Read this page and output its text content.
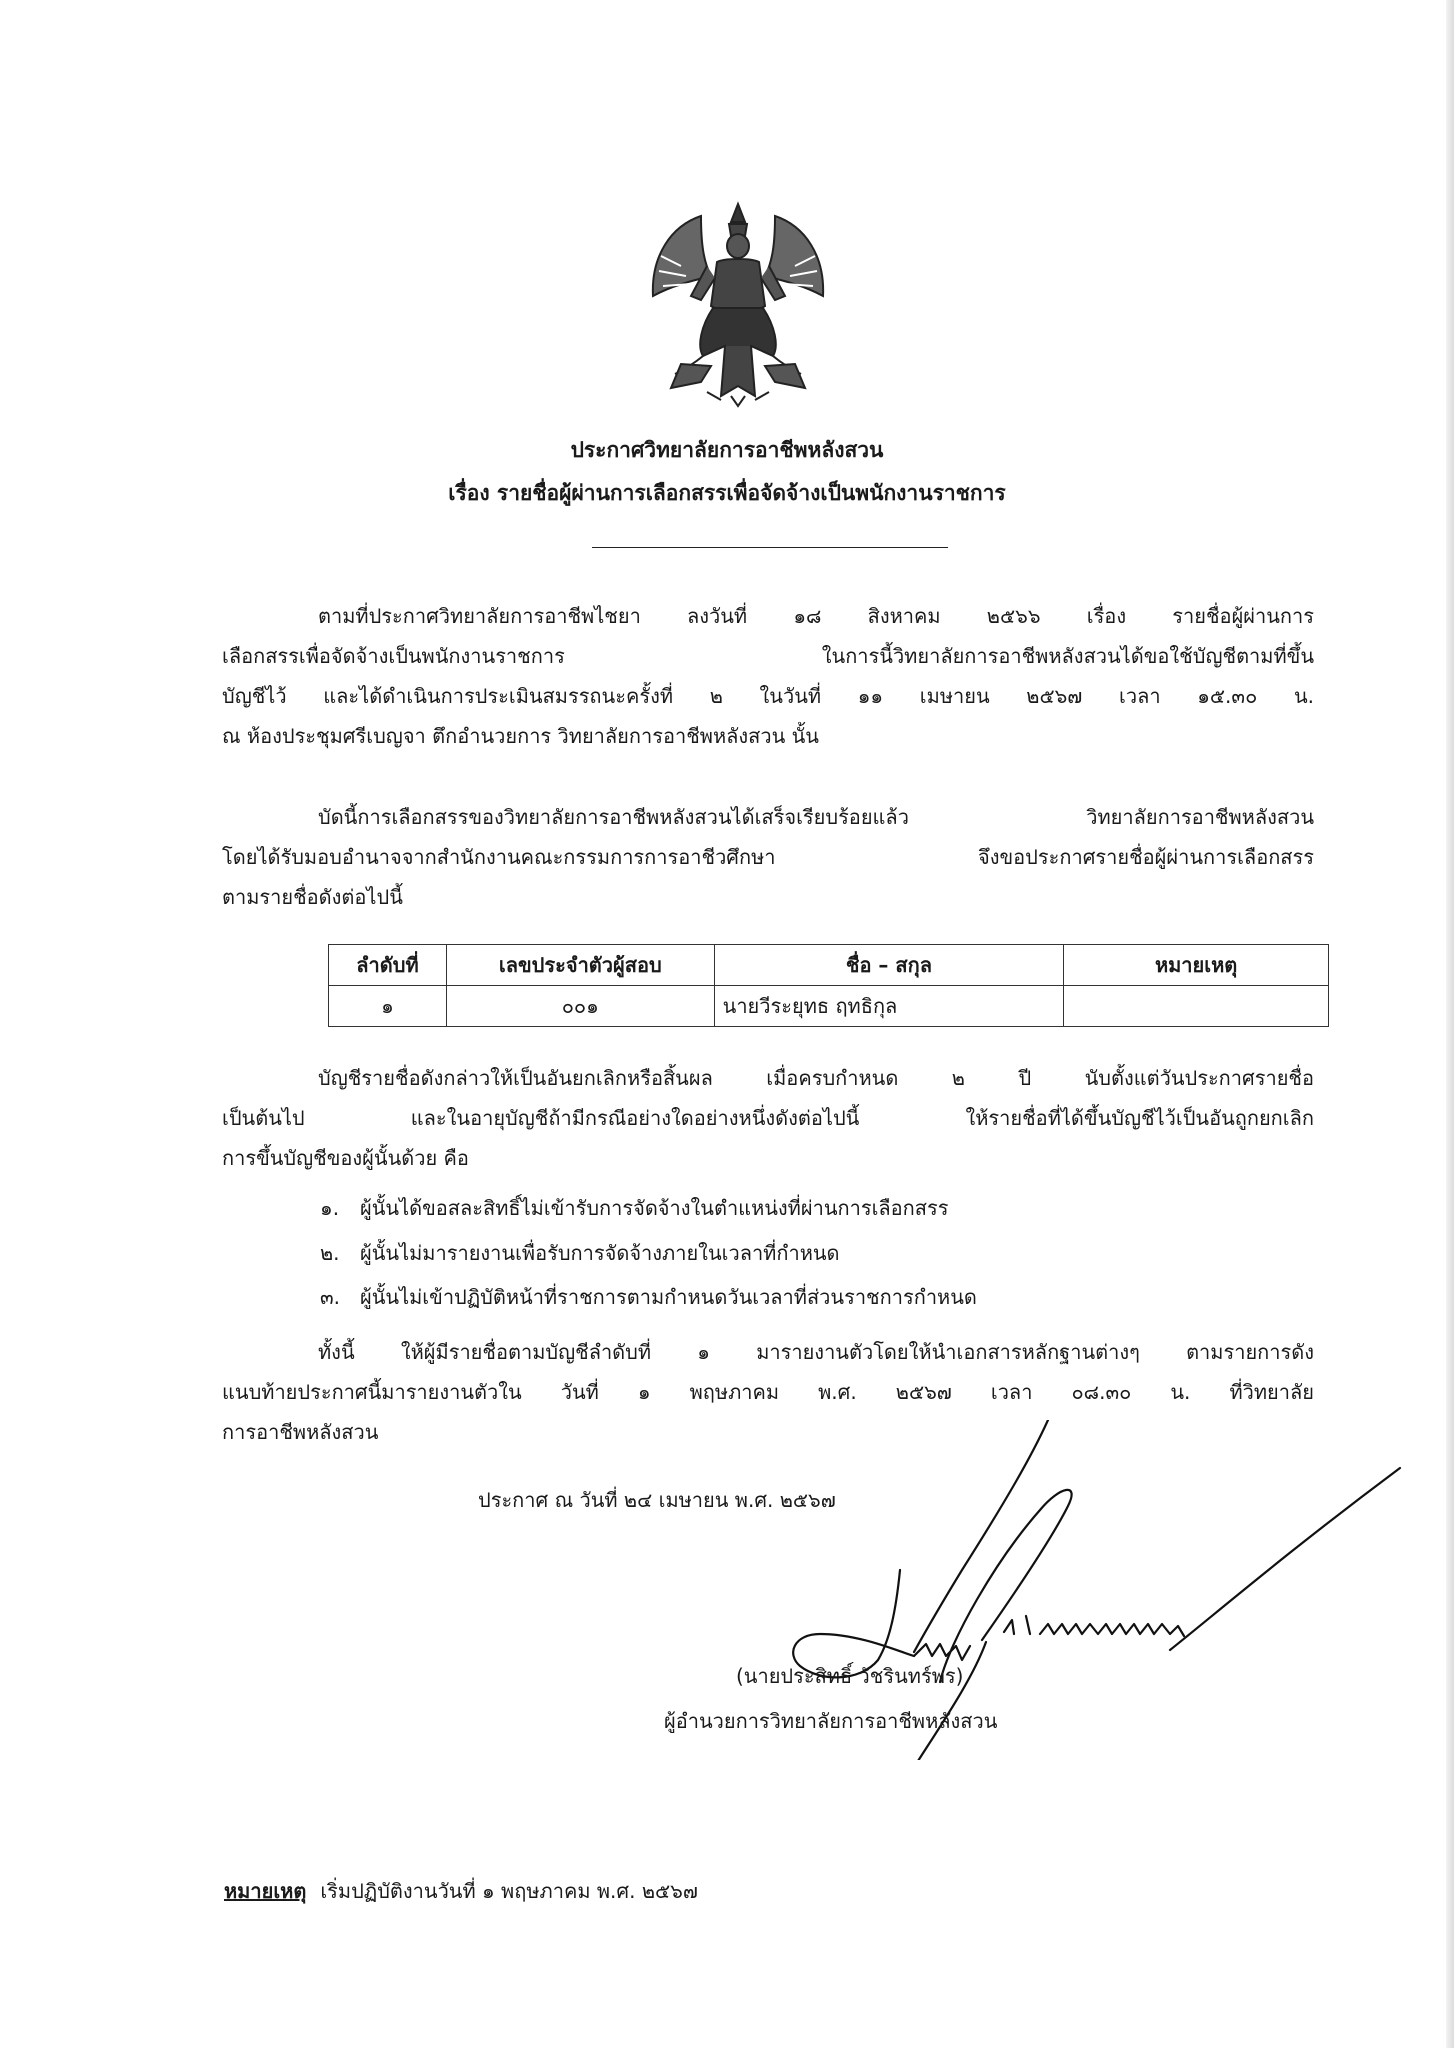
ประกาศวิทยาลัยการอาชีพหลังสวน
เรื่อง รายชื่อผู้ผ่านการเลือกสรรเพื่อจัดจ้างเป็นพนักงานราชการ
ตามที่ประกาศวิทยาลัยการอาชีพไชยา ลงวันที่ ๑๘ สิงหาคม ๒๕๖๖ เรื่อง รายชื่อผู้ผ่านการ
เลือกสรรเพื่อจัดจ้างเป็นพนักงานราชการ ในการนี้วิทยาลัยการอาชีพหลังสวนได้ขอใช้บัญชีตามที่ขึ้น
บัญชีไว้ และได้ดำเนินการประเมินสมรรถนะครั้งที่ ๒ ในวันที่ ๑๑ เมษายน ๒๕๖๗ เวลา ๑๕.๓๐ น.
ณ ห้องประชุมศรีเบญจา ตึกอำนวยการ วิทยาลัยการอาชีพหลังสวน นั้น
บัดนี้การเลือกสรรของวิทยาลัยการอาชีพหลังสวนได้เสร็จเรียบร้อยแล้ว วิทยาลัยการอาชีพหลังสวน
โดยได้รับมอบอำนาจจากสำนักงานคณะกรรมการการอาชีวศึกษา จึงขอประกาศรายชื่อผู้ผ่านการเลือกสรร
ตามรายชื่อดังต่อไปนี้
ลำดับที่	เลขประจำตัวผู้สอบ	ชื่อ – สกุล	หมายเหตุ
๑	๐๐๑	นายวีระยุทธ ฤทธิกุล	
บัญชีรายชื่อดังกล่าวให้เป็นอันยกเลิกหรือสิ้นผล เมื่อครบกำหนด ๒ ปี นับตั้งแต่วันประกาศรายชื่อ
เป็นต้นไป และในอายุบัญชีถ้ามีกรณีอย่างใดอย่างหนึ่งดังต่อไปนี้ ให้รายชื่อที่ได้ขึ้นบัญชีไว้เป็นอันถูกยกเลิก
การขึ้นบัญชีของผู้นั้นด้วย คือ
๑. ผู้นั้นได้ขอสละสิทธิ์ไม่เข้ารับการจัดจ้างในตำแหน่งที่ผ่านการเลือกสรร
๒. ผู้นั้นไม่มารายงานเพื่อรับการจัดจ้างภายในเวลาที่กำหนด
๓. ผู้นั้นไม่เข้าปฏิบัติหน้าที่ราชการตามกำหนดวันเวลาที่ส่วนราชการกำหนด
ทั้งนี้ ให้ผู้มีรายชื่อตามบัญชีลำดับที่ ๑ มารายงานตัวโดยให้นำเอกสารหลักฐานต่างๆ ตามรายการดัง
แนบท้ายประกาศนี้มารายงานตัวใน วันที่ ๑ พฤษภาคม พ.ศ. ๒๕๖๗ เวลา ๐๘.๓๐ น. ที่วิทยาลัย
การอาชีพหลังสวน
ประกาศ ณ วันที่ ๒๔ เมษายน พ.ศ. ๒๕๖๗
(นายประสิทธิ์ วัชรินทร์พร)
ผู้อำนวยการวิทยาลัยการอาชีพหลังสวน
หมายเหตุ เริ่มปฏิบัติงานวันที่ ๑ พฤษภาคม พ.ศ. ๒๕๖๗
